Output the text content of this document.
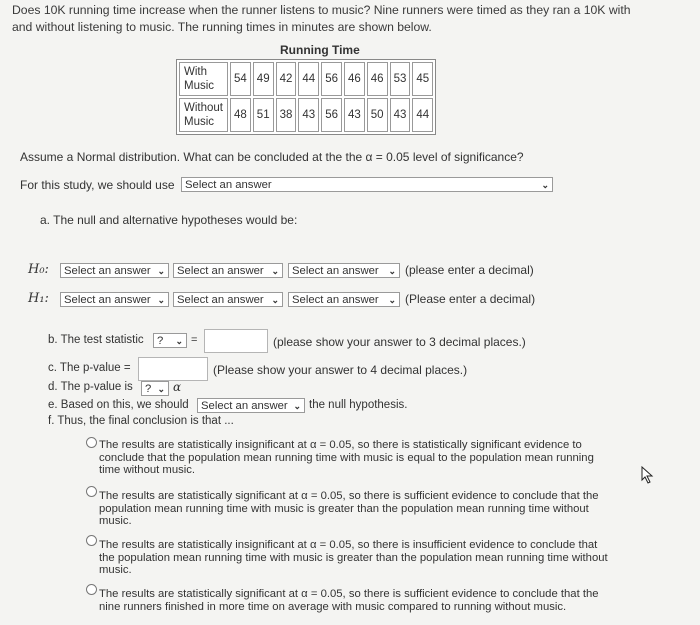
Does 10K running time increase when the runner listens to music? Nine runners were timed as they ran a 10K with and without listening to music. The running times in minutes are shown below.
Running Time
With
Music	54	49	42	44	56	46	46	53	45
Without
Music	48	51	38	43	56	43	50	43	44
Assume a Normal distribution. What can be concluded at the the α = 0.05 level of significance?
For this study, we should use Select an answer	⌄
a. The null and alternative hypotheses would be:
H₀:	Select an answer ⌄	Select an answer ⌄	Select an answer ⌄ (please enter a decimal)
H₁:	Select an answer ⌄	Select an answer ⌄	Select an answer ⌄ (Please enter a decimal)
b. The test statistic	? ⌄ =	(please show your answer to 3 decimal places.)
c. The p-value =	(Please show your answer to 4 decimal places.)
d. The p-value is	? ⌄ α
e. Based on this, we should	Select an answer ⌄ the null hypothesis.
f. Thus, the final conclusion is that ...
The results are statistically insignificant at α = 0.05, so there is statistically significant evidence to conclude that the population mean running time with music is equal to the population mean running time without music.
The results are statistically significant at α = 0.05, so there is sufficient evidence to conclude that the population mean running time with music is greater than the population mean running time without music.
The results are statistically insignificant at α = 0.05, so there is insufficient evidence to conclude that the population mean running time with music is greater than the population mean running time without music.
The results are statistically significant at α = 0.05, so there is sufficient evidence to conclude that the nine runners finished in more time on average with music compared to running without music.
